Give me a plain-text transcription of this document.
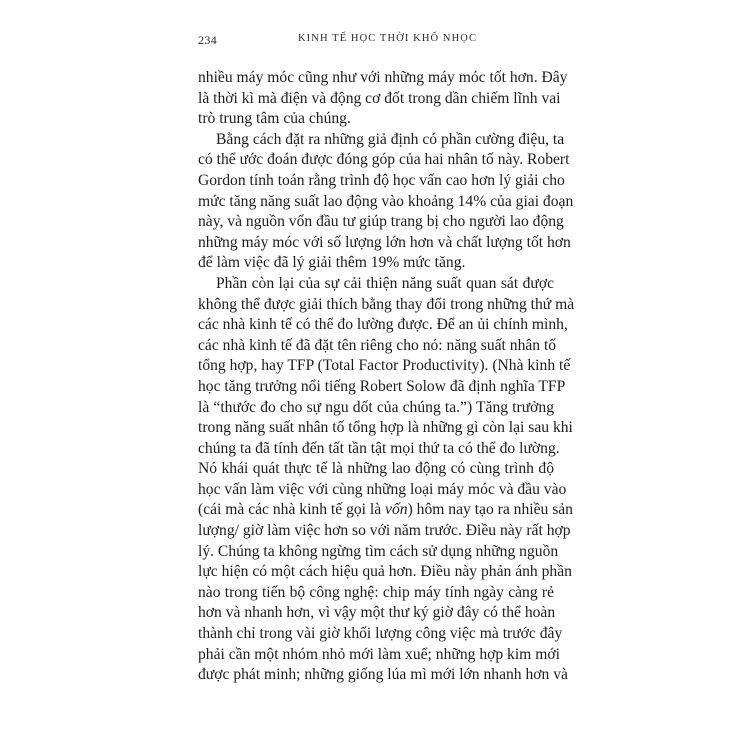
234	KINH TẾ HỌC THỜI KHỐ NHỌC
nhiều máy móc cũng như với những máy móc tốt hơn. Đây
là thời kì mà điện và động cơ đốt trong dần chiếm lĩnh vai
trò trung tâm của chúng.
Bằng cách đặt ra những giả định có phần cường điệu, ta
có thể ước đoán được đóng góp của hai nhân tố này. Robert
Gordon tính toán rằng trình độ học vấn cao hơn lý giải cho
mức tăng năng suất lao động vào khoảng 14% của giai đoạn
này, và nguồn vốn đầu tư giúp trang bị cho người lao động
những máy móc với số lượng lớn hơn và chất lượng tốt hơn
để làm việc đã lý giải thêm 19% mức tăng.
Phần còn lại của sự cải thiện năng suất quan sát được
không thể được giải thích bằng thay đổi trong những thứ mà
các nhà kinh tế có thể đo lường được. Để an ủi chính mình,
các nhà kinh tế đã đặt tên riêng cho nó: năng suất nhân tố
tổng hợp, hay TFP (Total Factor Productivity). (Nhà kinh tế
học tăng trưởng nổi tiếng Robert Solow đã định nghĩa TFP
là “thước đo cho sự ngu dốt của chúng ta.”) Tăng trưởng
trong năng suất nhân tố tổng hợp là những gì còn lại sau khi
chúng ta đã tính đến tất tần tật mọi thứ ta có thể đo lường.
Nó khái quát thực tế là những lao động có cùng trình độ
học vấn làm việc với cùng những loại máy móc và đầu vào
(cái mà các nhà kinh tế gọi là vốn) hôm nay tạo ra nhiều sản
lượng/ giờ làm việc hơn so với năm trước. Điều này rất hợp
lý. Chúng ta không ngừng tìm cách sử dụng những nguồn
lực hiện có một cách hiệu quả hơn. Điều này phản ánh phần
nào trong tiến bộ công nghệ: chip máy tính ngày càng rẻ
hơn và nhanh hơn, vì vậy một thư ký giờ đây có thể hoàn
thành chỉ trong vài giờ khối lượng công việc mà trước đây
phải cần một nhóm nhỏ mới làm xuể; những hợp kim mới
được phát minh; những giống lúa mì mới lớn nhanh hơn và
